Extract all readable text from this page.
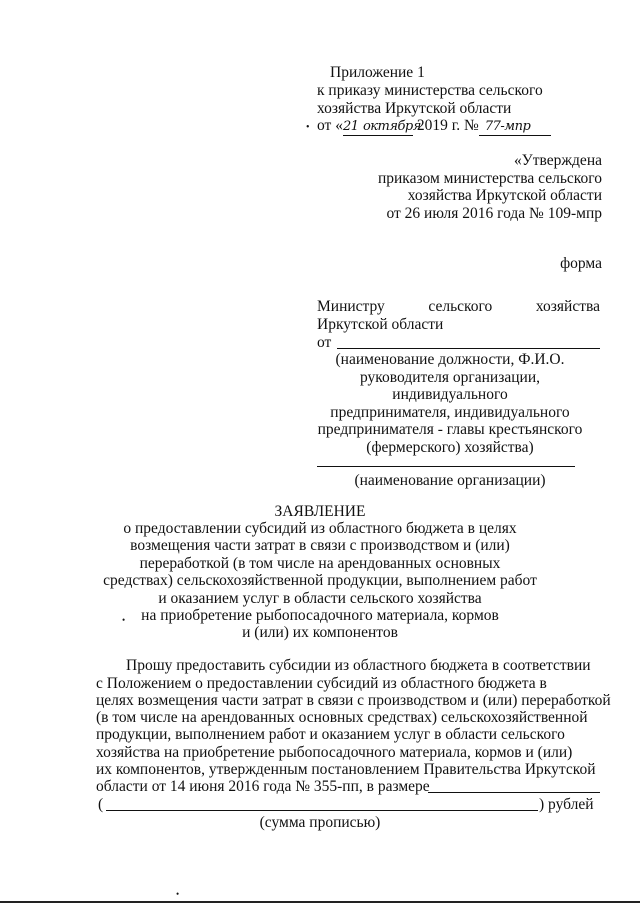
Приложение 1
к приказу министерства сельского
хозяйства Иркутской области
от «21 октября 2019 г. № 77-мпр
•
«Утверждена
приказом министерства сельского
хозяйства Иркутской области
от 26 июля 2016 года № 109-мпр
форма
Министру	сельского	хозяйства
Иркутской области
от
(наименование должности, Ф.И.О.
руководителя организации,
индивидуального
предпринимателя, индивидуального
предпринимателя - главы крестьянского
(фермерского) хозяйства)
(наименование организации)
ЗАЯВЛЕНИЕ
о предоставлении субсидий из областного бюджета в целях
возмещения части затрат в связи с производством и (или)
переработкой (в том числе на арендованных основных
средствах) сельскохозяйственной продукции, выполнением работ
и оказанием услуг в области сельского хозяйства
на приобретение рыбопосадочного материала, кормов
и (или) их компонентов
•
Прошу предоставить субсидии из областного бюджета в соответствии
с Положением о предоставлении субсидий из областного бюджета в
целях возмещения части затрат в связи с производством и (или) переработкой
(в том числе на арендованных основных средствах) сельскохозяйственной
продукции, выполнением работ и оказанием услуг в области сельского
хозяйства на приобретение рыбопосадочного материала, кормов и (или)
их компонентов, утвержденным постановлением Правительства Иркутской
области от 14 июня 2016 года № 355-пп, в размере
(	) рублей
(сумма прописью)
•
